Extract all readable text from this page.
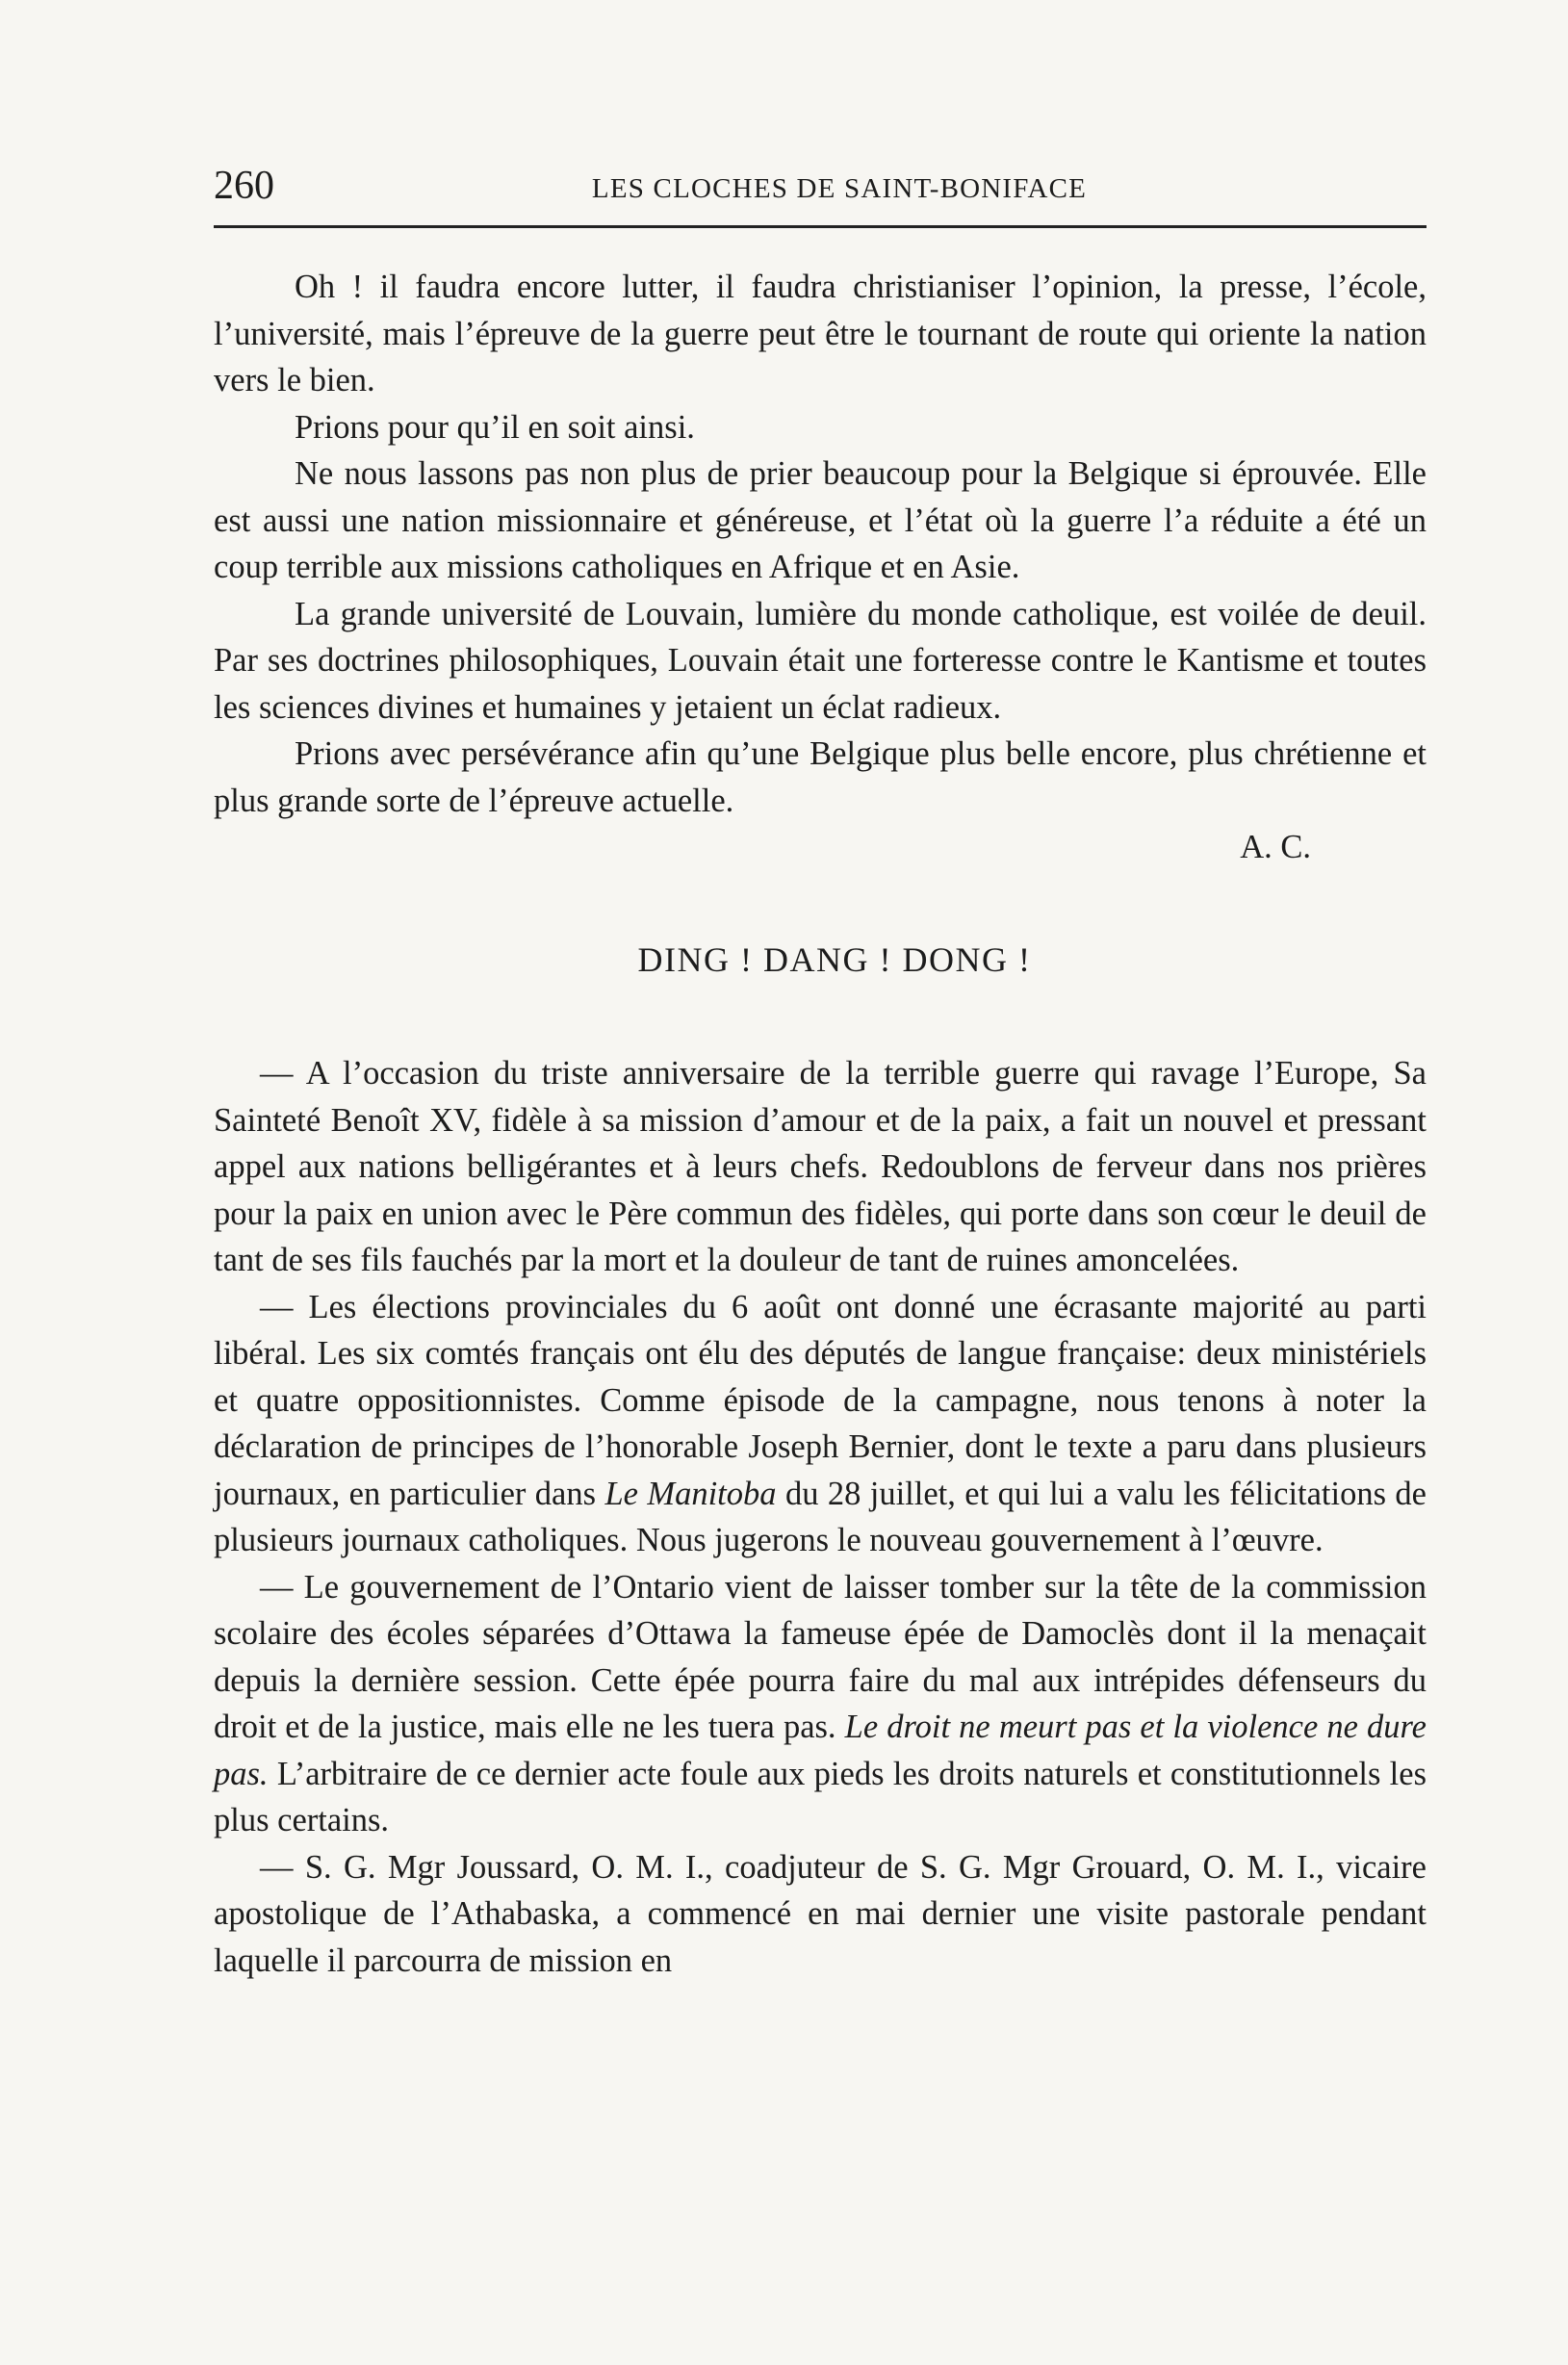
260	LES CLOCHES DE SAINT-BONIFACE

Oh ! il faudra encore lutter, il faudra christianiser l’opinion, la presse, l’école, l’université, mais l’épreuve de la guerre peut être le tournant de route qui oriente la nation vers le bien.

Prions pour qu’il en soit ainsi.

Ne nous lassons pas non plus de prier beaucoup pour la Belgique si éprouvée. Elle est aussi une nation missionnaire et généreuse, et l’état où la guerre l’a réduite a été un coup terrible aux missions catholiques en Afrique et en Asie.

La grande université de Louvain, lumière du monde catholique, est voilée de deuil. Par ses doctrines philosophiques, Louvain était une forteresse contre le Kantisme et toutes les sciences divines et humaines y jetaient un éclat radieux.

Prions avec persévérance afin qu’une Belgique plus belle encore, plus chrétienne et plus grande sorte de l’épreuve actuelle.

A. C.

DING ! DANG ! DONG !

— A l’occasion du triste anniversaire de la terrible guerre qui ravage l’Europe, Sa Sainteté Benoît XV, fidèle à sa mission d’amour et de la paix, a fait un nouvel et pressant appel aux nations belligérantes et à leurs chefs. Redoublons de ferveur dans nos prières pour la paix en union avec le Père commun des fidèles, qui porte dans son cœur le deuil de tant de ses fils fauchés par la mort et la douleur de tant de ruines amoncelées.

— Les élections provinciales du 6 août ont donné une écrasante majorité au parti libéral. Les six comtés français ont élu des députés de langue française: deux ministériels et quatre oppositionnistes. Comme épisode de la campagne, nous tenons à noter la déclaration de principes de l’honorable Joseph Bernier, dont le texte a paru dans plusieurs journaux, en particulier dans Le Manitoba du 28 juillet, et qui lui a valu les félicitations de plusieurs journaux catholiques. Nous jugerons le nouveau gouvernement à l’œuvre.

— Le gouvernement de l’Ontario vient de laisser tomber sur la tête de la commission scolaire des écoles séparées d’Ottawa la fameuse épée de Damoclès dont il la menaçait depuis la dernière session. Cette épée pourra faire du mal aux intrépides défenseurs du droit et de la justice, mais elle ne les tuera pas. Le droit ne meurt pas et la violence ne dure pas. L’arbitraire de ce dernier acte foule aux pieds les droits naturels et constitutionnels les plus certains.

— S. G. Mgr Joussard, O. M. I., coadjuteur de S. G. Mgr Grouard, O. M. I., vicaire apostolique de l’Athabaska, a commencé en mai dernier une visite pastorale pendant laquelle il parcourra de mission en
